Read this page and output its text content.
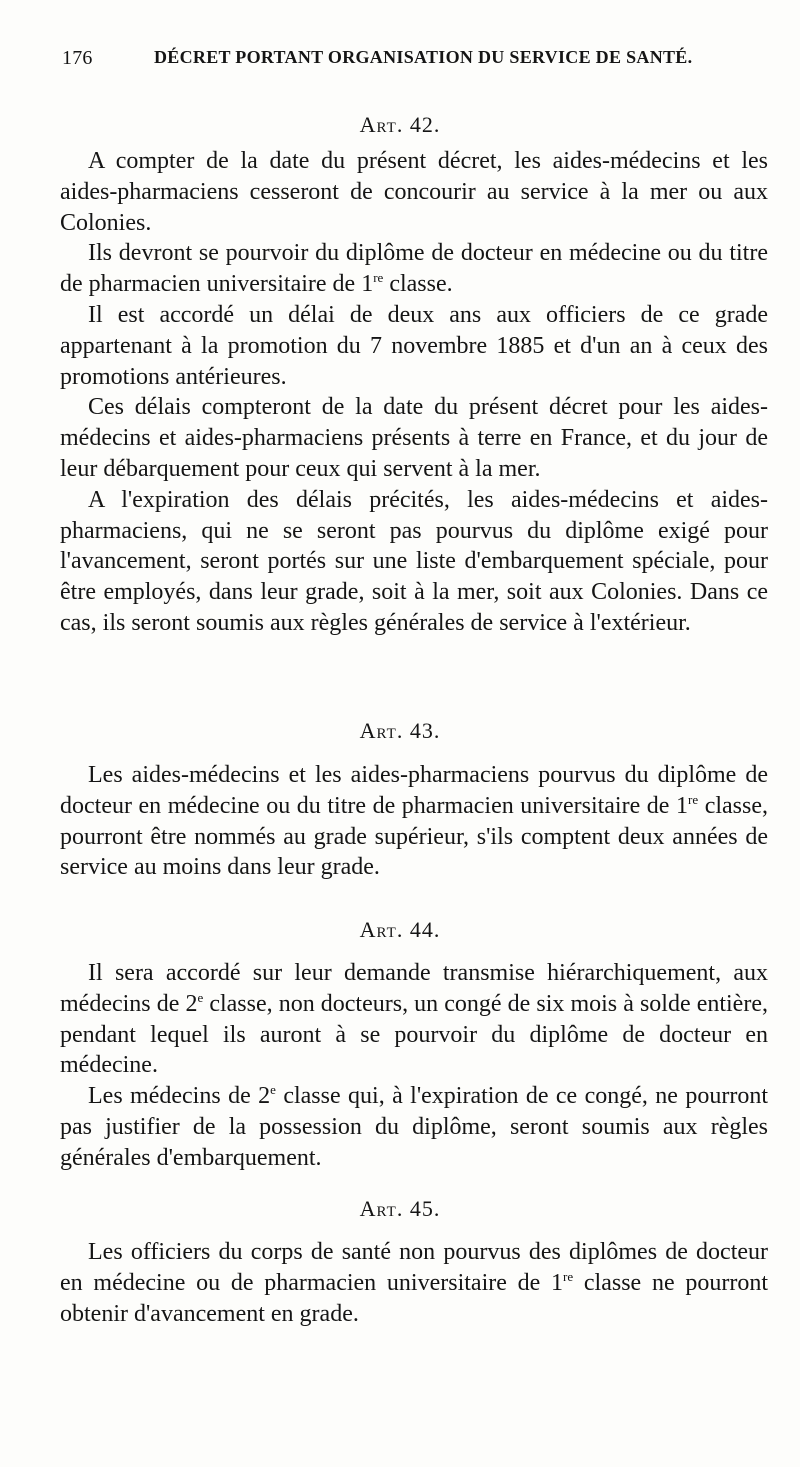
176	DÉCRET PORTANT ORGANISATION DU SERVICE DE SANTÉ.
Art. 42.

A compter de la date du présent décret, les aides-médecins et les aides-pharmaciens cesseront de concourir au service à la mer ou aux Colonies.

Ils devront se pourvoir du diplôme de docteur en médecine ou du titre de pharmacien universitaire de 1re classe.

Il est accordé un délai de deux ans aux officiers de ce grade appartenant à la promotion du 7 novembre 1885 et d'un an à ceux des promotions antérieures.

Ces délais compteront de la date du présent décret pour les aides-médecins et aides-pharmaciens présents à terre en France, et du jour de leur débarquement pour ceux qui servent à la mer.

A l'expiration des délais précités, les aides-médecins et aides-pharmaciens, qui ne se seront pas pourvus du diplôme exigé pour l'avancement, seront portés sur une liste d'embarquement spéciale, pour être employés, dans leur grade, soit à la mer, soit aux Colonies. Dans ce cas, ils seront soumis aux règles générales de service à l'extérieur.

Art. 43.

Les aides-médecins et les aides-pharmaciens pourvus du diplôme de docteur en médecine ou du titre de pharmacien universitaire de 1re classe, pourront être nommés au grade supérieur, s'ils comptent deux années de service au moins dans leur grade.

Art. 44.

Il sera accordé sur leur demande transmise hiérarchiquement, aux médecins de 2e classe, non docteurs, un congé de six mois à solde entière, pendant lequel ils auront à se pourvoir du diplôme de docteur en médecine.

Les médecins de 2e classe qui, à l'expiration de ce congé, ne pourront pas justifier de la possession du diplôme, seront soumis aux règles générales d'embarquement.

Art. 45.

Les officiers du corps de santé non pourvus des diplômes de docteur en médecine ou de pharmacien universitaire de 1re classe ne pourront obtenir d'avancement en grade.
